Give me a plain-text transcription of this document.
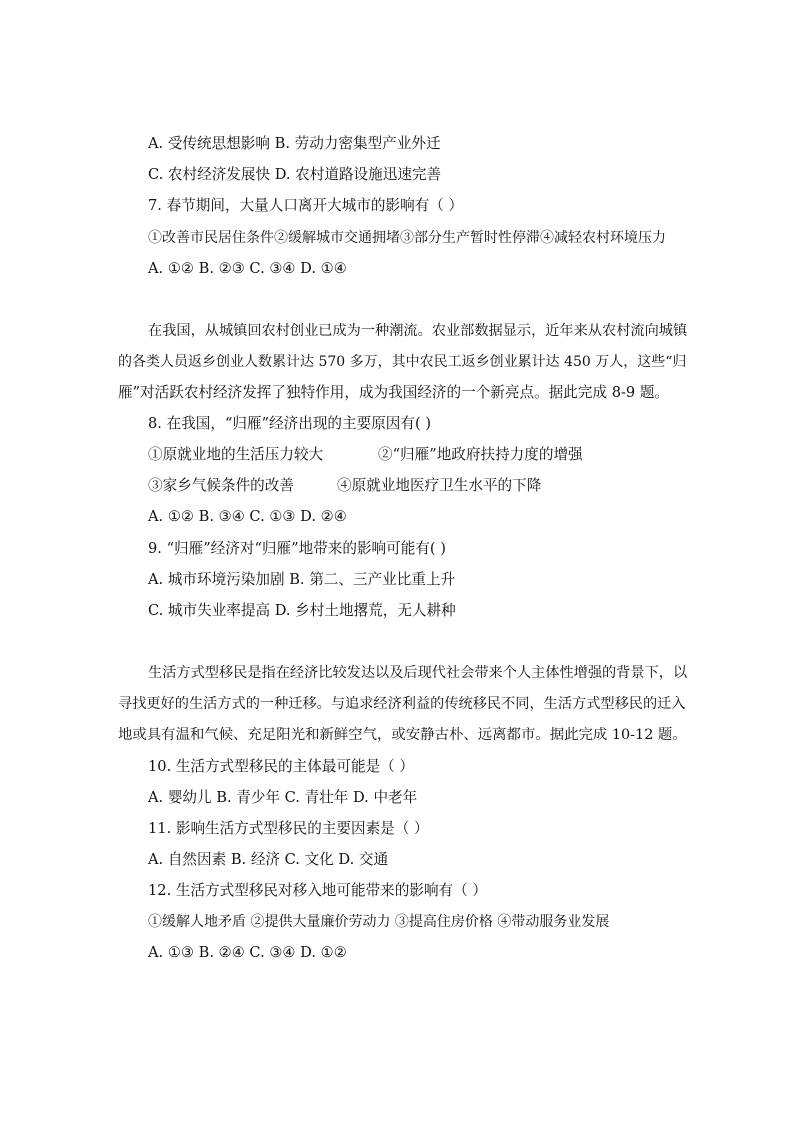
A. 受传统思想影响 B. 劳动力密集型产业外迁
C. 农村经济发展快 D. 农村道路设施迅速完善
7. 春节期间，大量人口离开大城市的影响有（ ）
①改善市民居住条件②缓解城市交通拥堵③部分生产暂时性停滞④减轻农村环境压力
A. ①② B. ②③ C. ③④ D. ①④
在我国，从城镇回农村创业已成为一种潮流。农业部数据显示，近年来从农村流向城镇
的各类人员返乡创业人数累计达 570 多万，其中农民工返乡创业累计达 450 万人，这些“归
雁”对活跃农村经济发挥了独特作用，成为我国经济的一个新亮点。据此完成 8-9 题。
8. 在我国，“归雁”经济出现的主要原因有( )
①原就业地的生活压力较大	②“归雁”地政府扶持力度的增强
③家乡气候条件的改善	④原就业地医疗卫生水平的下降
A. ①② B. ③④ C. ①③ D. ②④
9. “归雁”经济对“归雁”地带来的影响可能有( )
A. 城市环境污染加剧 B. 第二、三产业比重上升
C. 城市失业率提高 D. 乡村土地撂荒，无人耕种
生活方式型移民是指在经济比较发达以及后现代社会带来个人主体性增强的背景下，以
寻找更好的生活方式的一种迁移。与追求经济利益的传统移民不同，生活方式型移民的迁入
地或具有温和气候、充足阳光和新鲜空气，或安静古朴、远离都市。据此完成 10-12 题。
10. 生活方式型移民的主体最可能是（ ）
A. 婴幼儿 B. 青少年 C. 青壮年 D. 中老年
11. 影响生活方式型移民的主要因素是（ ）
A. 自然因素 B. 经济 C. 文化 D. 交通
12. 生活方式型移民对移入地可能带来的影响有（ ）
①缓解人地矛盾 ②提供大量廉价劳动力 ③提高住房价格 ④带动服务业发展
A. ①③ B. ②④ C. ③④ D. ①②
